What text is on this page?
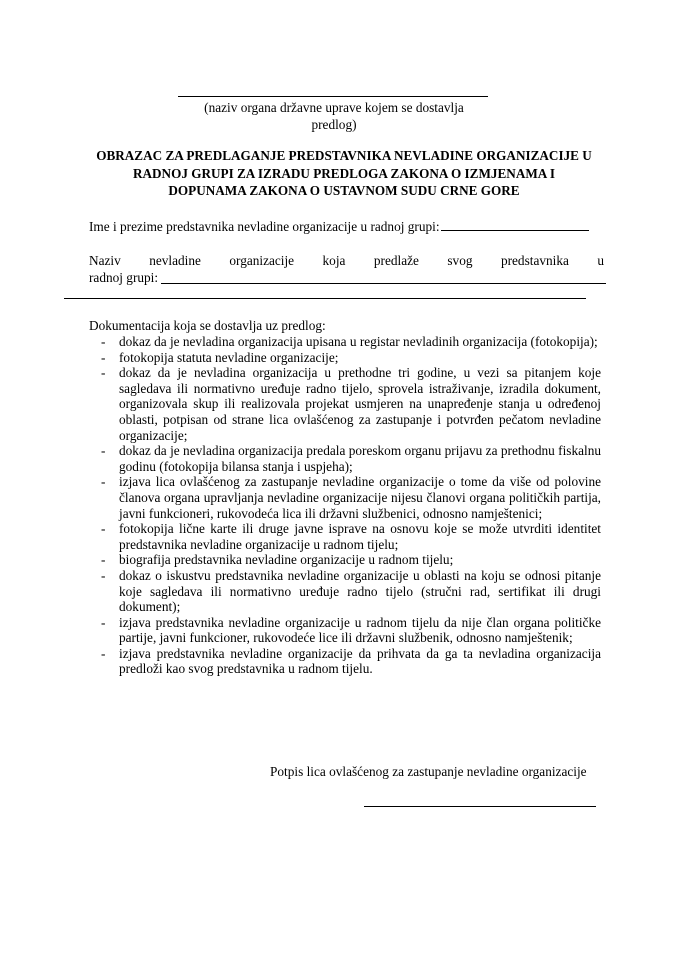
(naziv organa državne uprave kojem se dostavlja
predlog)
OBRAZAC ZA PREDLAGANJE PREDSTAVNIKA NEVLADINE ORGANIZACIJE U
RADNOJ GRUPI ZA IZRADU PREDLOGA ZAKONA O IZMJENAMA I
DOPUNAMA ZAKONA O USTAVNOM SUDU CRNE GORE
Ime i prezime predstavnika nevladine organizacije u radnoj grupi:
Naziv nevladine organizacije koja predlaže svog predstavnika u
radnoj grupi:
Dokumentacija koja se dostavlja uz predlog:
- dokaz da je nevladina organizacija upisana u registar nevladinih organizacija (fotokopija);
- fotokopija statuta nevladine organizacije;
- dokaz da je nevladina organizacija u prethodne tri godine, u vezi sa pitanjem koje sagledava ili normativno uređuje radno tijelo, sprovela istraživanje, izradila dokument, organizovala skup ili realizovala projekat usmjeren na unapređenje stanja u određenoj oblasti, potpisan od strane lica ovlašćenog za zastupanje i potvrđen pečatom nevladine organizacije;
- dokaz da je nevladina organizacija predala poreskom organu prijavu za prethodnu fiskalnu godinu (fotokopija bilansa stanja i uspjeha);
- izjava lica ovlašćenog za zastupanje nevladine organizacije o tome da više od polovine članova organa upravljanja nevladine organizacije nijesu članovi organa političkih partija, javni funkcioneri, rukovodeća lica ili državni službenici, odnosno namještenici;
- fotokopija lične karte ili druge javne isprave na osnovu koje se može utvrditi identitet predstavnika nevladine organizacije u radnom tijelu;
- biografija predstavnika nevladine organizacije u radnom tijelu;
- dokaz o iskustvu predstavnika nevladine organizacije u oblasti na koju se odnosi pitanje koje sagledava ili normativno uređuje radno tijelo (stručni rad, sertifikat ili drugi dokument);
- izjava predstavnika nevladine organizacije u radnom tijelu da nije član organa političke partije, javni funkcioner, rukovodeće lice ili državni službenik, odnosno namještenik;
- izjava predstavnika nevladine organizacije da prihvata da ga ta nevladina organizacija predloži kao svog predstavnika u radnom tijelu.
Potpis lica ovlašćenog za zastupanje nevladine organizacije
